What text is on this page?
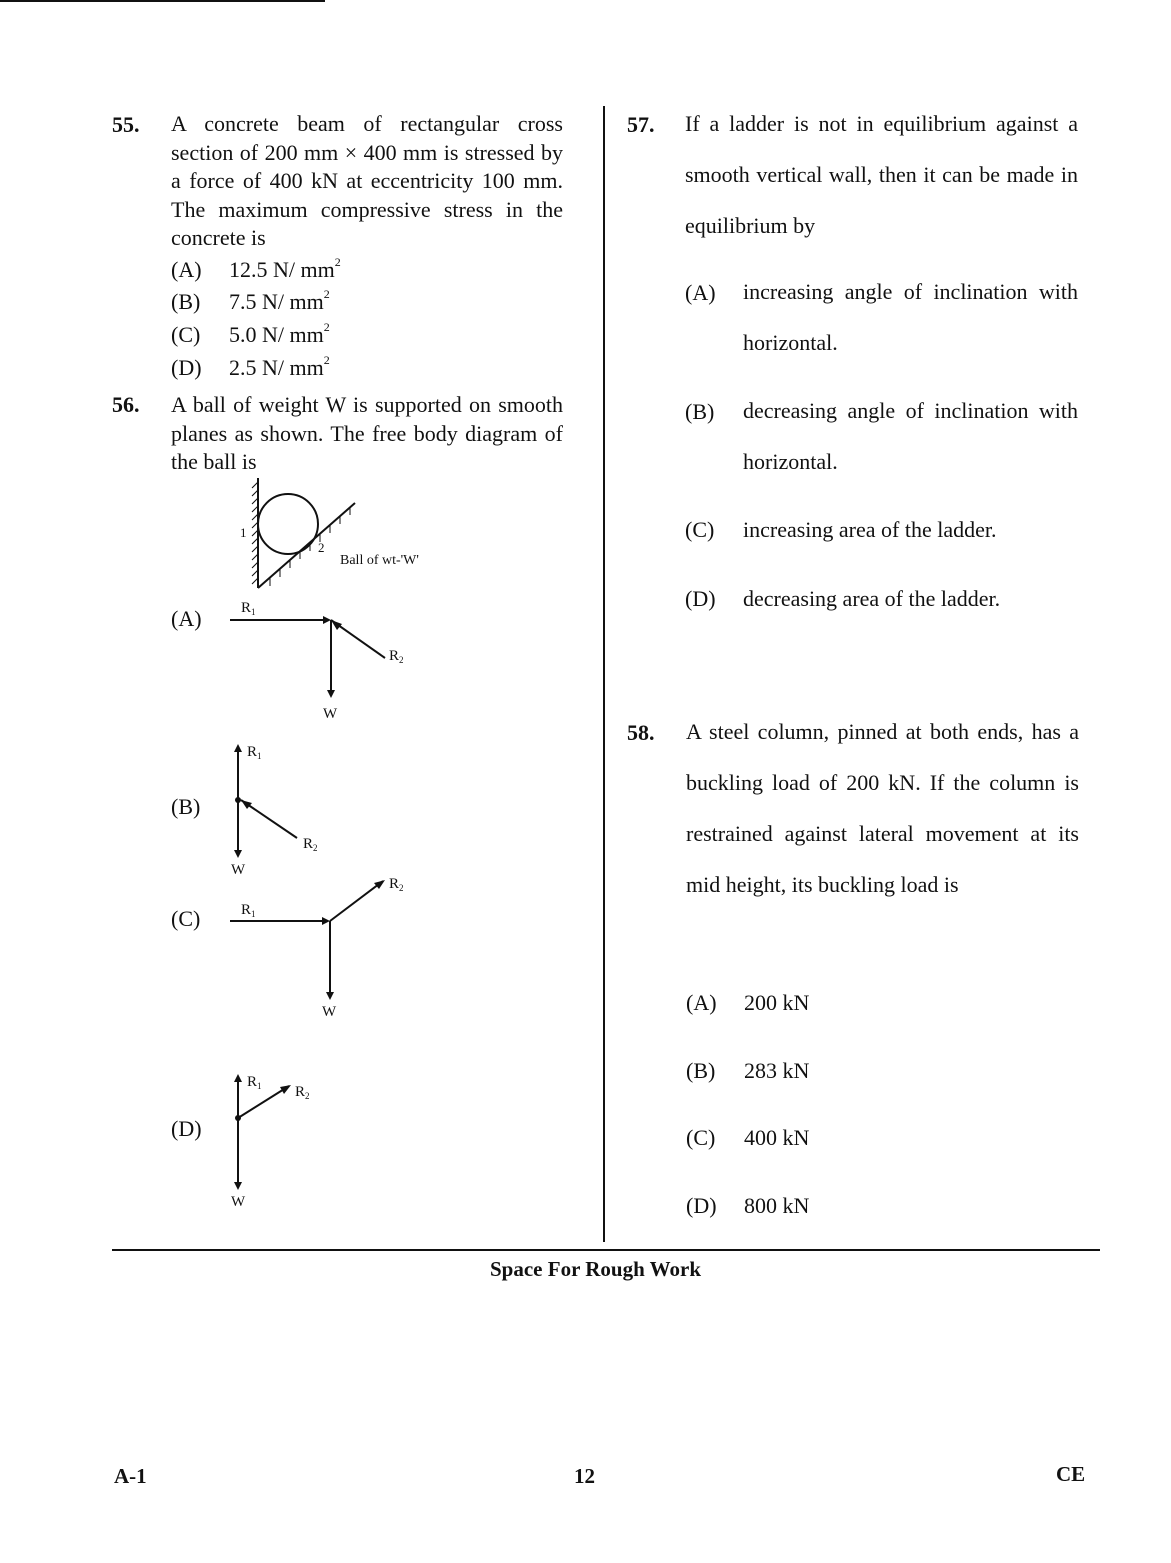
55. A concrete beam of rectangular cross section of 200 mm × 400 mm is stressed by a force of 400 kN at eccentricity 100 mm. The maximum compressive stress in the concrete is
(A) 12.5 N/ $mm^2$
(B) 7.5 N/ $mm^2$
(C) 5.0 N/ $mm^2$
(D) 2.5 N/ $mm^2$
56. A ball of weight W is supported on smooth planes as shown. The free body diagram of the ball is
1
2
Ball of wt-'W'
(A)	$R_1$
$R_2$
W
(B)
$R_1$
$R_2$
W
(C)	$R_1$
$R_2$
W
(D)
$R_1$ $R_2$
W
57. If a ladder is not in equilibrium against a smooth vertical wall, then it can be made in equilibrium by
(A) increasing angle of inclination with horizontal.
(B) decreasing angle of inclination with horizontal.
(C) increasing area of the ladder.
(D) decreasing area of the ladder.
58. A steel column, pinned at both ends, has a buckling load of 200 kN. If the column is restrained against lateral movement at its mid height, its buckling load is
(A) 200 kN
(B) 283 kN
(C) 400 kN
(D) 800 kN
Space For Rough Work
A-1	12	CE
